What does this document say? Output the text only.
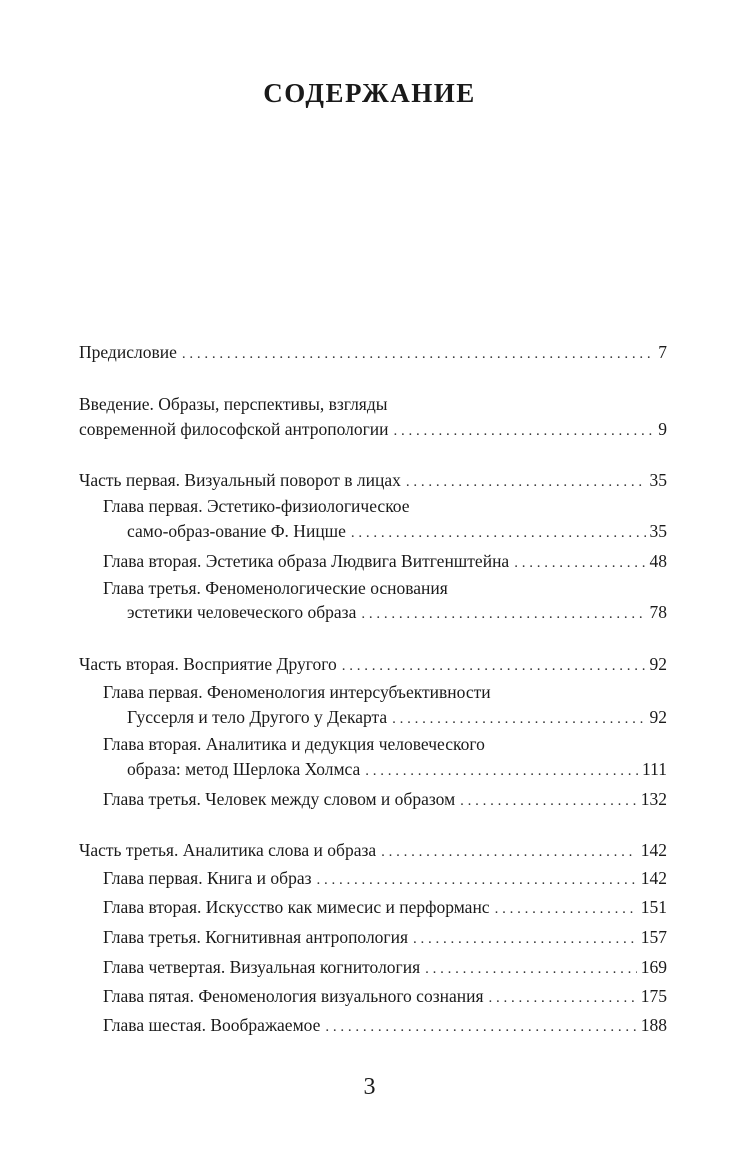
СОДЕРЖАНИЕ
Предисловие . . .	7
Введение. Образы, перспективы, взгляды
современной философской антропологии . . .	9
Часть первая. Визуальный поворот в лицах . . .	35
Глава первая. Эстетико-физиологическое
само-образ-ование Ф. Ницше . . .	35
Глава вторая. Эстетика образа Людвига Витгенштейна . . .	48
Глава третья. Феноменологические основания
эстетики человеческого образа . . .	78
Часть вторая. Восприятие Другого . . .	92
Глава первая. Феноменология интерсубъективности
Гуссерля и тело Другого у Декарта . . .	92
Глава вторая. Аналитика и дедукция человеческого
образа: метод Шерлока Холмса . . .	111
Глава третья. Человек между словом и образом . . .	132
Часть третья. Аналитика слова и образа . . .	142
Глава первая. Книга и образ . . .	142
Глава вторая. Искусство как мимесис и перформанс . . .	151
Глава третья. Когнитивная антропология . . .	157
Глава четвертая. Визуальная когнитология . . .	169
Глава пятая. Феноменология визуального сознания . . .	175
Глава шестая. Воображаемое . . .	188
3
